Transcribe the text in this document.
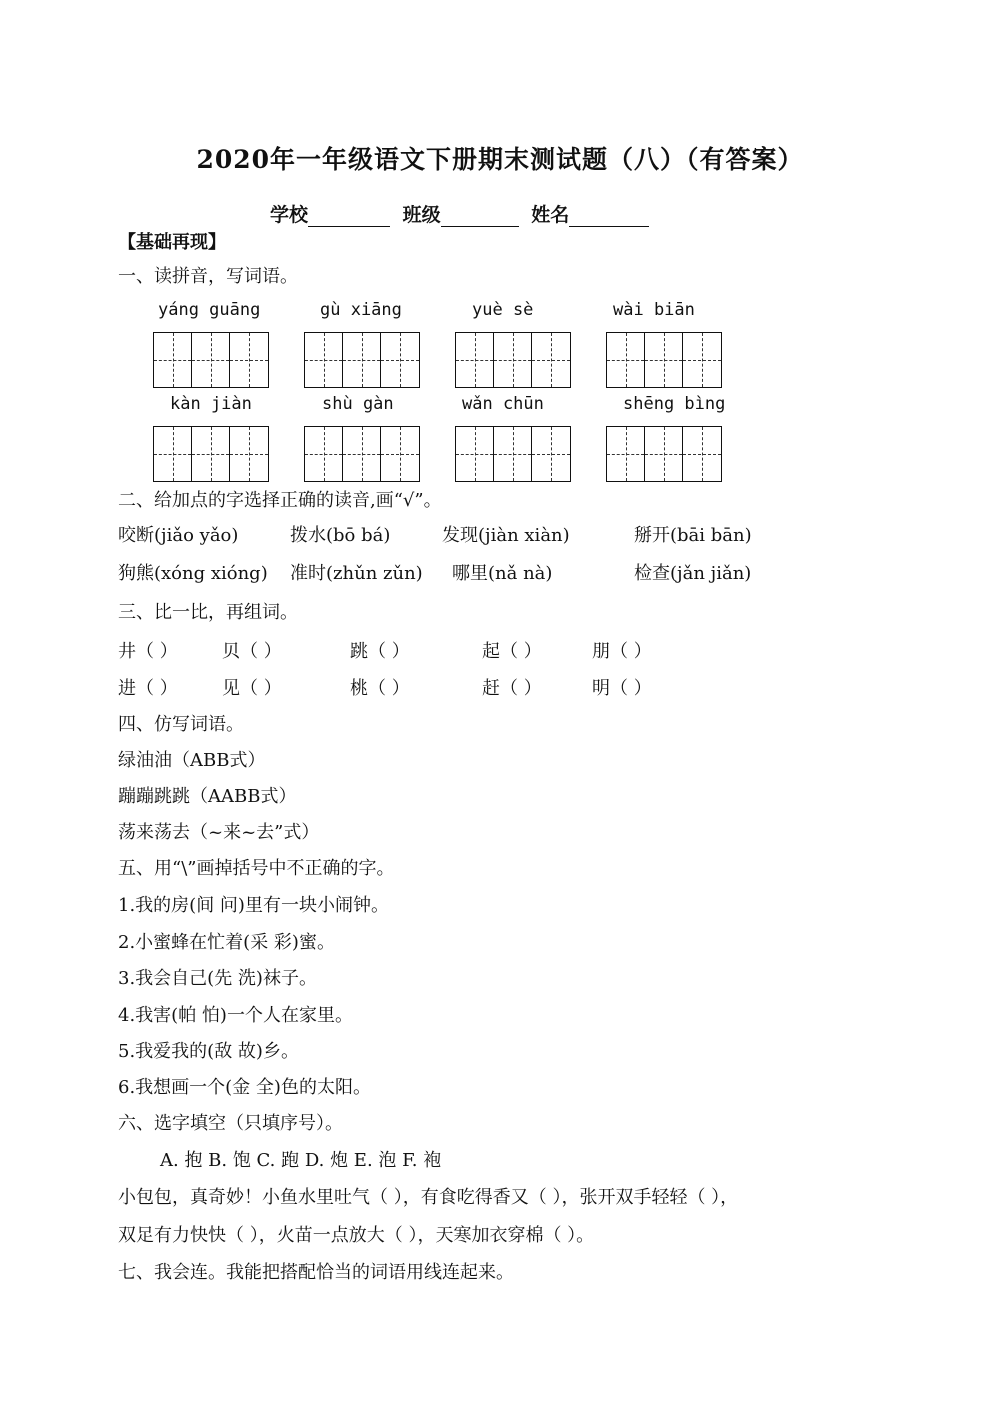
2020年一年级语文下册期末测试题（八）（有答案）
学校	班级	姓名
【基础再现】
一、读拼音，写词语。
yáng guāng	gù xiāng	yuè sè	wài biān
kàn jiàn	shù gàn	wǎn chūn	shēng bìng
二、给加点的字选择正确的读音,画“√”。
咬断(jiǎo yǎo)	拨水(bō bá)	发现(jiàn xiàn)	掰开(bāi bān)
狗熊(xóng xióng) 准时(zhǔn zǔn) 哪里(nǎ nà)	检查(jǎn jiǎn)
三、比一比，再组词。
井（ ） 贝（ ）	跳（ ）	起（ ）	朋（ ）
进（ ） 见（ ）	桃（ ）	赶（ ）	明（ ）
四、仿写词语。
绿油油（ABB式）
蹦蹦跳跳（AABB式）
荡来荡去（~来~去”式）
五、用“\”画掉括号中不正确的字。
1.我的房(间 问)里有一块小闹钟。
2.小蜜蜂在忙着(采 彩)蜜。
3.我会自己(先 洗)袜子。
4.我害(帕 怕)一个人在家里。
5.我爱我的(敌 故)乡。
6.我想画一个(金 全)色的太阳。
六、选字填空（只填序号）。
A. 抱 B. 饱 C. 跑 D. 炮 E. 泡 F. 袍
小包包，真奇妙！小鱼水里吐气（ ），有食吃得香又（ ），张开双手轻轻（ ），
双足有力快快（ ），火苗一点放大（ ），天寒加衣穿棉（ ）。
七、我会连。我能把搭配恰当的词语用线连起来。
